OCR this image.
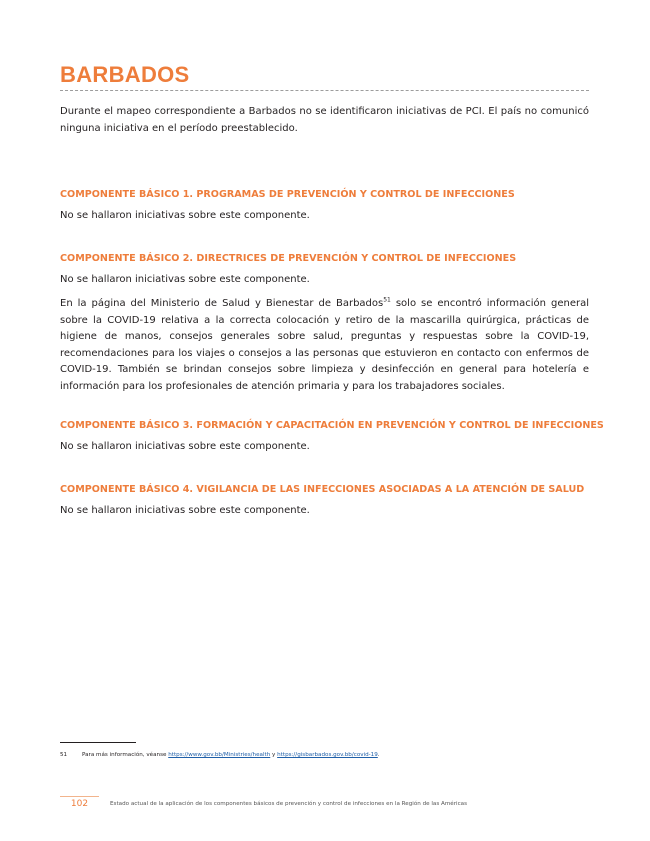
BARBADOS

Durante el mapeo correspondiente a Barbados no se identificaron iniciativas de PCI. El país no comunicó ninguna iniciativa en el período preestablecido.

COMPONENTE BÁSICO 1. PROGRAMAS DE PREVENCIÓN Y CONTROL DE INFECCIONES

No se hallaron iniciativas sobre este componente.

COMPONENTE BÁSICO 2. DIRECTRICES DE PREVENCIÓN Y CONTROL DE INFECCIONES

No se hallaron iniciativas sobre este componente.

En la página del Ministerio de Salud y Bienestar de Barbados$^{51}$ solo se encontró información general sobre la COVID-19 relativa a la correcta colocación y retiro de la mascarilla quirúrgica, prácticas de higiene de manos, consejos generales sobre salud, preguntas y respuestas sobre la COVID-19, recomendaciones para los viajes o consejos a las personas que estuvieron en contacto con enfermos de COVID-19. También se brindan consejos sobre limpieza y desinfección en general para hotelería e información para los profesionales de atención primaria y para los trabajadores sociales.

COMPONENTE BÁSICO 3. FORMACIÓN Y CAPACITACIÓN EN PREVENCIÓN Y CONTROL DE INFECCIONES

No se hallaron iniciativas sobre este componente.

COMPONENTE BÁSICO 4. VIGILANCIA DE LAS INFECCIONES ASOCIADAS A LA ATENCIÓN DE SALUD

No se hallaron iniciativas sobre este componente.

51	Para más información, véanse https://www.gov.bb/Ministries/health y https://gisbarbados.gov.bb/covid-19.
102	Estado actual de la aplicación de los componentes básicos de prevención y control de infecciones en la Región de las Américas
